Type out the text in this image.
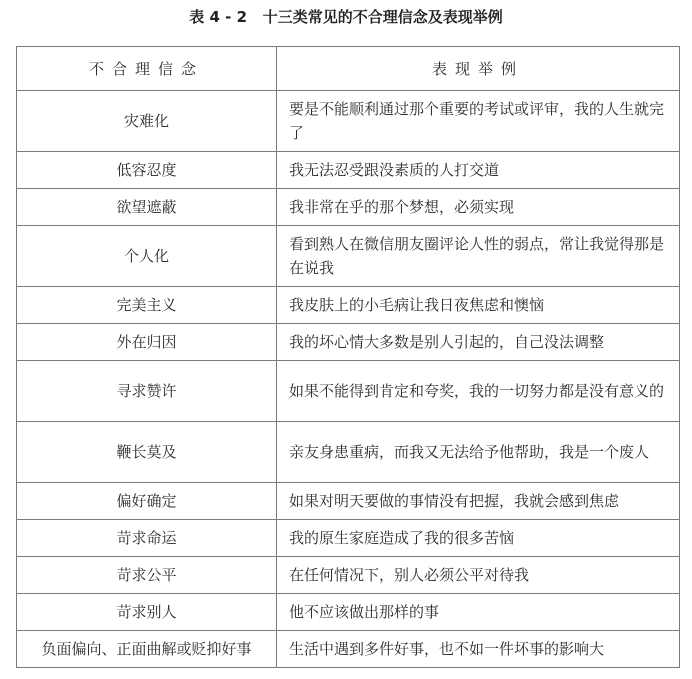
表 4 - 2   十三类常见的不合理信念及表现举例
不合理信念	表现举例
灾难化	要是不能顺利通过那个重要的考试或评审，我的人生就完了
低容忍度	我无法忍受跟没素质的人打交道
欲望遮蔽	我非常在乎的那个梦想，必须实现
个人化	看到熟人在微信朋友圈评论人性的弱点，常让我觉得那是在说我
完美主义	我皮肤上的小毛病让我日夜焦虑和懊恼
外在归因	我的坏心情大多数是别人引起的，自己没法调整
寻求赞许	如果不能得到肯定和夸奖，我的一切努力都是没有意义的
鞭长莫及	亲友身患重病，而我又无法给予他帮助，我是一个废人
偏好确定	如果对明天要做的事情没有把握，我就会感到焦虑
苛求命运	我的原生家庭造成了我的很多苦恼
苛求公平	在任何情况下，别人必须公平对待我
苛求别人	他不应该做出那样的事
负面偏向、正面曲解或贬抑好事	生活中遇到多件好事，也不如一件坏事的影响大
